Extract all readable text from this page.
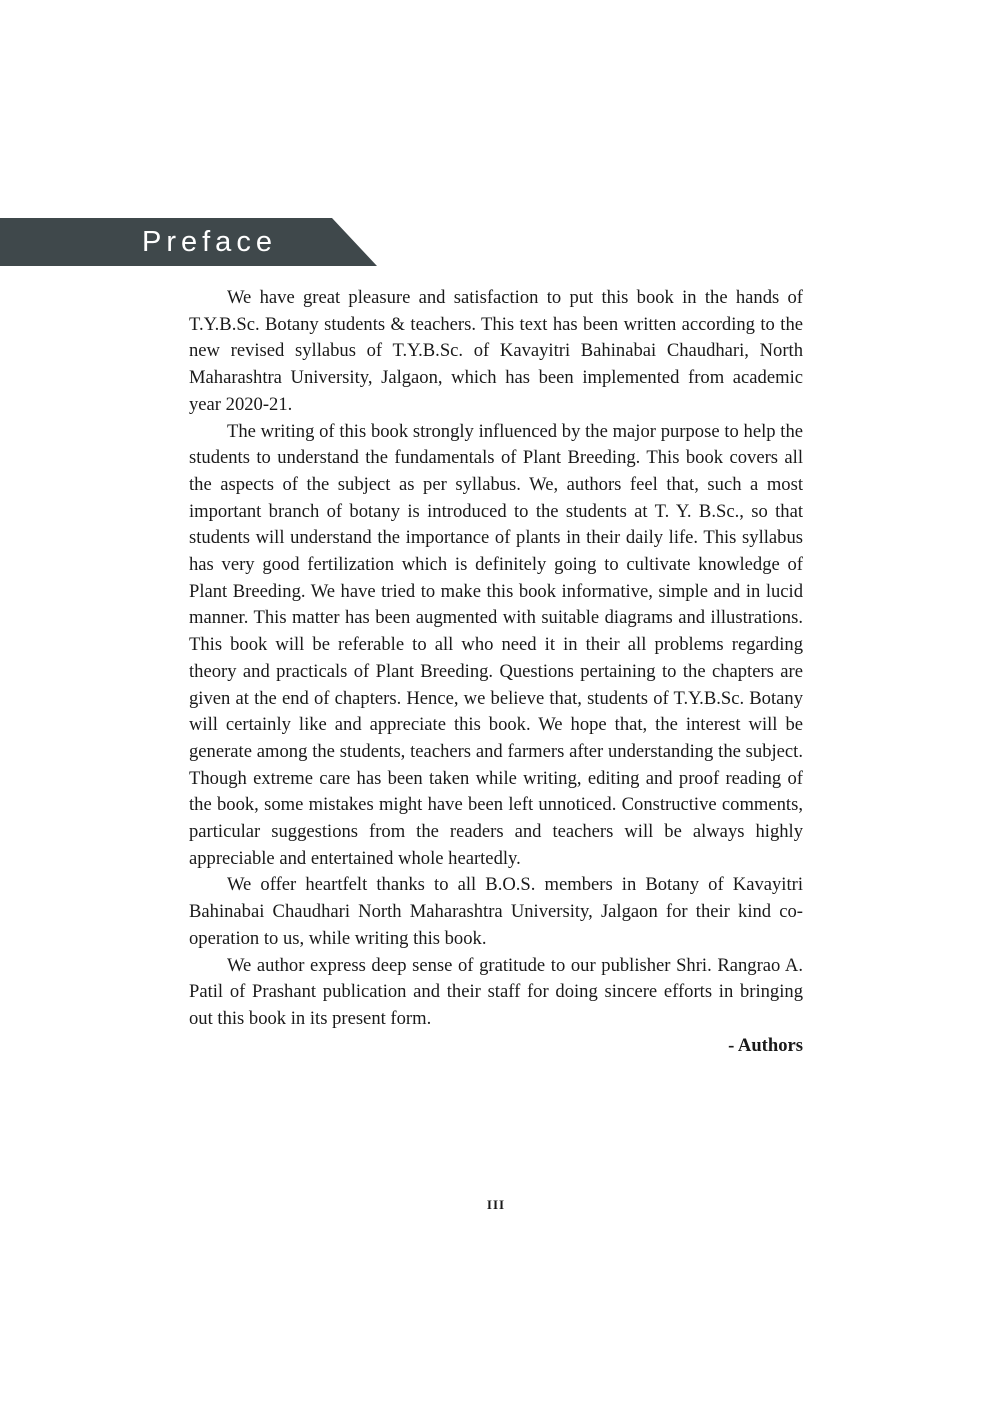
Preface

We have great pleasure and satisfaction to put this book in the hands of T.Y.B.Sc. Botany students & teachers. This text has been written according to the new revised syllabus of T.Y.B.Sc. of Kavayitri Bahinabai Chaudhari, North Maharashtra University, Jalgaon, which has been implemented from academic year 2020-21.

The writing of this book strongly influenced by the major purpose to help the students to understand the fundamentals of Plant Breeding. This book covers all the aspects of the subject as per syllabus. We, authors feel that, such a most important branch of botany is introduced to the students at T. Y. B.Sc., so that students will understand the importance of plants in their daily life. This syllabus has very good fertilization which is definitely going to cultivate knowledge of Plant Breeding. We have tried to make this book informative, simple and in lucid manner. This matter has been augmented with suitable diagrams and illustrations. This book will be referable to all who need it in their all problems regarding theory and practicals of Plant Breeding. Questions pertaining to the chapters are given at the end of chapters. Hence, we believe that, students of T.Y.B.Sc. Botany will certainly like and appreciate this book. We hope that, the interest will be generate among the students, teachers and farmers after understanding the subject. Though extreme care has been taken while writing, editing and proof reading of the book, some mistakes might have been left unnoticed. Constructive comments, particular suggestions from the readers and teachers will be always highly appreciable and entertained whole heartedly.

We offer heartfelt thanks to all B.O.S. members in Botany of Kavayitri Bahinabai Chaudhari North Maharashtra University, Jalgaon for their kind co-operation to us, while writing this book.

We author express deep sense of gratitude to our publisher Shri. Rangrao A. Patil of Prashant publication and their staff for doing sincere efforts in bringing out this book in its present form.

- Authors
III
